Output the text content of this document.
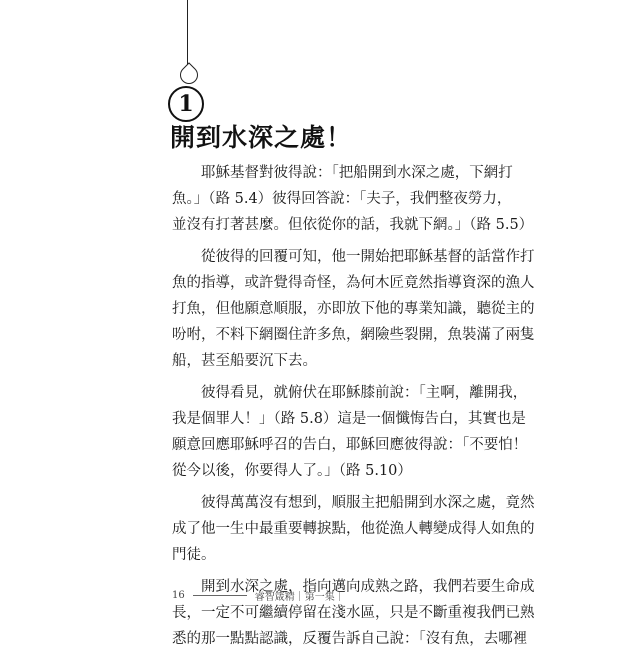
1
開到水深之處！

耶穌基督對彼得說：「把船開到水深之處，下網打
魚。」（路 5.4）彼得回答說：「夫子，我們整夜勞力，
並沒有打著甚麼。但依從你的話，我就下網。」（路 5.5）

從彼得的回覆可知，他一開始把耶穌基督的話當作打
魚的指導，或許覺得奇怪，為何木匠竟然指導資深的漁人
打魚，但他願意順服，亦即放下他的專業知識，聽從主的
吩咐，不料下網圈住許多魚，網險些裂開，魚裝滿了兩隻
船，甚至船要沉下去。

彼得看見，就俯伏在耶穌膝前說：「主啊，離開我，
我是個罪人！」（路 5.8）這是一個懺悔告白，其實也是
願意回應耶穌呼召的告白，耶穌回應彼得說：「不要怕！
從今以後，你要得人了。」（路 5.10）

彼得萬萬沒有想到，順服主把船開到水深之處，竟然
成了他一生中最重要轉捩點，他從漁人轉變成得人如魚的
門徒。

開到水深之處，指向邁向成熟之路，我們若要生命成
長，一定不可繼續停留在淺水區，只是不斷重複我們已熟
悉的那一點點認識，反覆告訴自己說：「沒有魚，去哪裡

16	睿智箴精｜第一集｜
